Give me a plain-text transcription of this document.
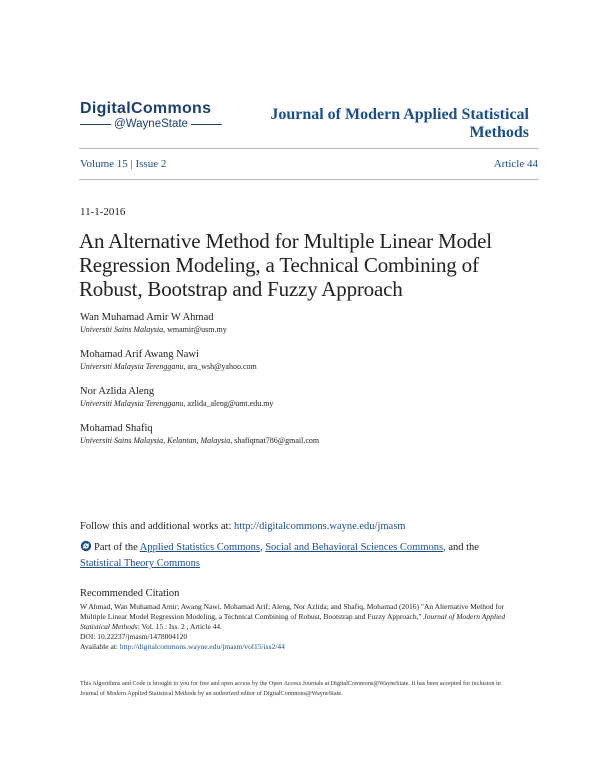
DigitalCommons
@WayneState
Journal of Modern Applied Statistical Methods
Volume 15 | Issue 2	Article 44
11-1-2016
An Alternative Method for Multiple Linear Model Regression Modeling, a Technical Combining of Robust, Bootstrap and Fuzzy Approach
Wan Muhamad Amir W Ahmad
Universiti Sains Malaysia, wmamir@usm.my
Mohamad Arif Awang Nawi
Universiti Malaysia Terengganu, ara_wsh@yahoo.com
Nor Azlida Aleng
Universiti Malaysia Terengganu, azlida_aleng@umt.edu.my
Mohamad Shafiq
Universiti Sains Malaysia, Kelantan, Malaysia, shafiqmat786@gmail.com
Follow this and additional works at: http://digitalcommons.wayne.edu/jmasm
Part of the Applied Statistics Commons, Social and Behavioral Sciences Commons, and the
Statistical Theory Commons
Recommended Citation
W Ahmad, Wan Muhamad Amir; Awang Nawi, Mohamad Arif; Aleng, Nor Azlida; and Shafiq, Mohamad (2016) "An Alternative Method for Multiple Linear Model Regression Modeling, a Technical Combining of Robust, Bootstrap and Fuzzy Approach," Journal of Modern Applied Statistical Methods: Vol. 15 : Iss. 2 , Article 44.
DOI: 10.22237/jmasm/1478004120
Available at: http://digitalcommons.wayne.edu/jmasm/vol15/iss2/44
This Algorithms and Code is brought to you for free and open access by the Open Access Journals at DigitalCommons@WayneState. It has been accepted for inclusion in Journal of Modern Applied Statistical Methods by an authorized editor of DigitalCommons@WayneState.
